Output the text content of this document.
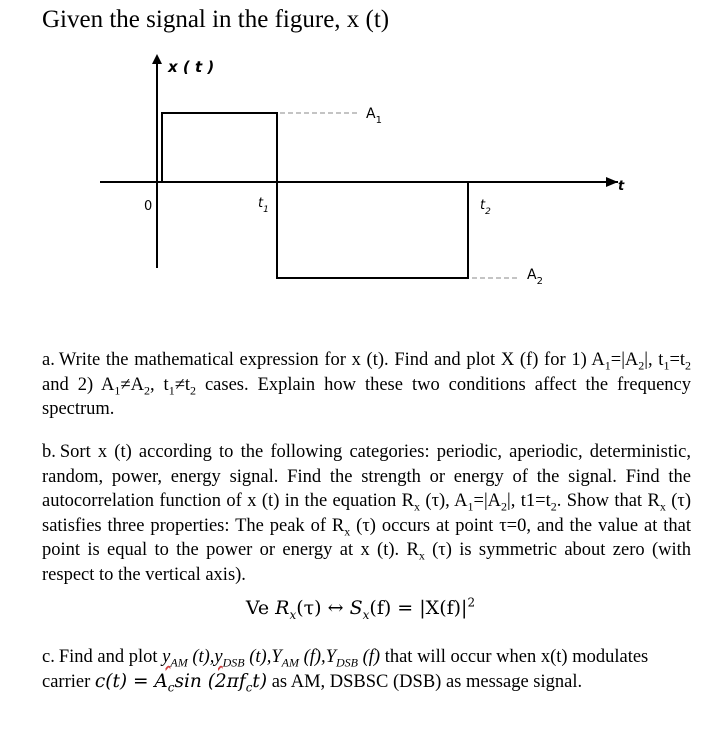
Given the signal in the figure, x (t)
x ( t )
t
$A_1$
$A_2$
0	$t_1$	$t_2$
a. Write the mathematical expression for x (t). Find and plot X (f) for 1) $A_1=|A_2|$, $t_1=t_2$ and 2) $A_1\ne A_2$, $t_1\ne t_2$ cases. Explain how these two conditions affect the frequency spectrum.
b. Sort x (t) according to the following categories: periodic, aperiodic, deterministic, random, power, energy signal. Find the strength or energy of the signal. Find the autocorrelation function of x (t) in the equation $R_x$ (τ), $A_1=|A_2|$, $t1=t_2$. Show that $R_x$ (τ) satisfies three properties: The peak of $R_x$ (τ) occurs at point τ=0, and the value at that point is equal to the power or energy at x (t). $R_x$ (τ) is symmetric about zero (with respect to the vertical axis).
Ve $R_x(\tau)$ ↔ $S_x(f) = |X(f)|^2$
c. Find and plot $y_{AM}$ $(t),y_{DSB}$ $(t),Y_{AM}$ $(f),Y_{DSB}$ (f) that will occur when x(t) modulates carrier $c(t) = A_c\sin$ $(2\pi f_ct)$ as AM, DSBSC (DSB) as message signal.
